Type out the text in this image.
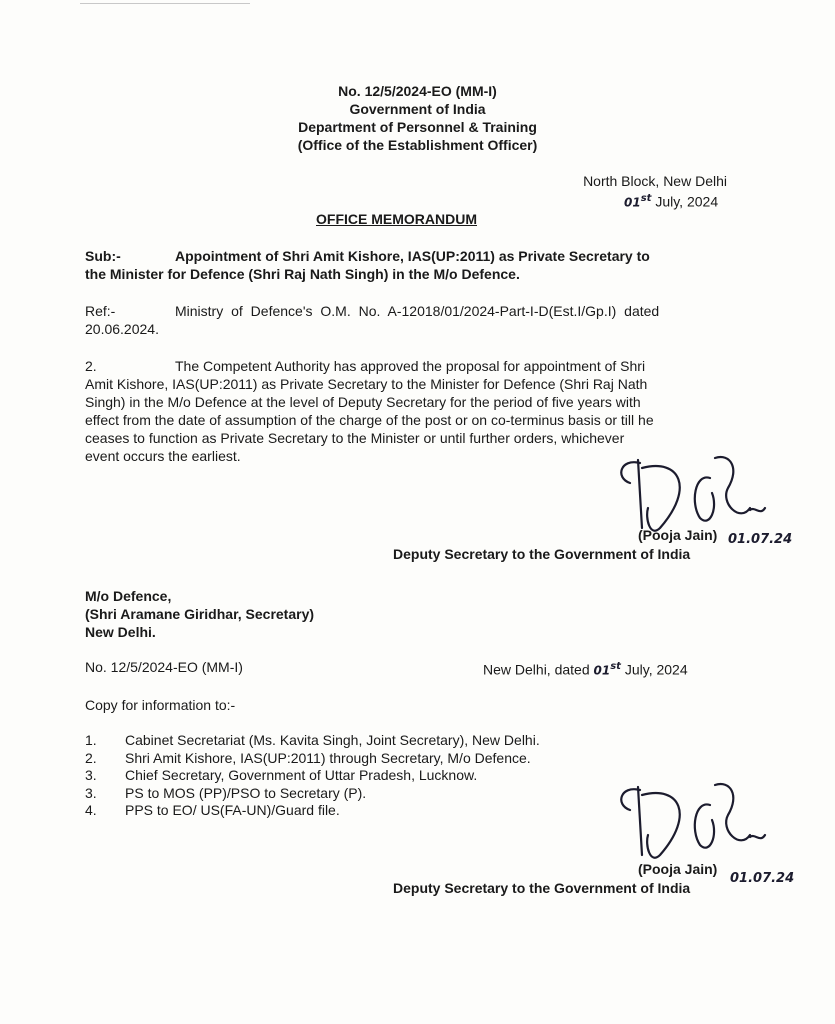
No. 12/5/2024-EO (MM-I)
Government of India
Department of Personnel & Training
(Office of the Establishment Officer)
North Block, New Delhi
01st July, 2024
OFFICE MEMORANDUM
Sub:-	Appointment of Shri Amit Kishore, IAS(UP:2011) as Private Secretary to
the Minister for Defence (Shri Raj Nath Singh) in the M/o Defence.
Ref:-	Ministry of Defence's O.M. No. A-12018/01/2024-Part-I-D(Est.I/Gp.I) dated
20.06.2024.
2.	The Competent Authority has approved the proposal for appointment of Shri
Amit Kishore, IAS(UP:2011) as Private Secretary to the Minister for Defence (Shri Raj Nath
Singh) in the M/o Defence at the level of Deputy Secretary for the period of five years with
effect from the date of assumption of the charge of the post or on co-terminus basis or till he
ceases to function as Private Secretary to the Minister or until further orders, whichever
event occurs the earliest.
(Pooja Jain) 01.07.24
Deputy Secretary to the Government of India
M/o Defence,
(Shri Aramane Giridhar, Secretary)
New Delhi.
No. 12/5/2024-EO (MM-I)	New Delhi, dated 01st July, 2024
Copy for information to:-
1.	Cabinet Secretariat (Ms. Kavita Singh, Joint Secretary), New Delhi.
2.	Shri Amit Kishore, IAS(UP:2011) through Secretary, M/o Defence.
3.	Chief Secretary, Government of Uttar Pradesh, Lucknow.
3.	PS to MOS (PP)/PSO to Secretary (P).
4.	PPS to EO/ US(FA-UN)/Guard file.
(Pooja Jain)
01.07.24
Deputy Secretary to the Government of India
